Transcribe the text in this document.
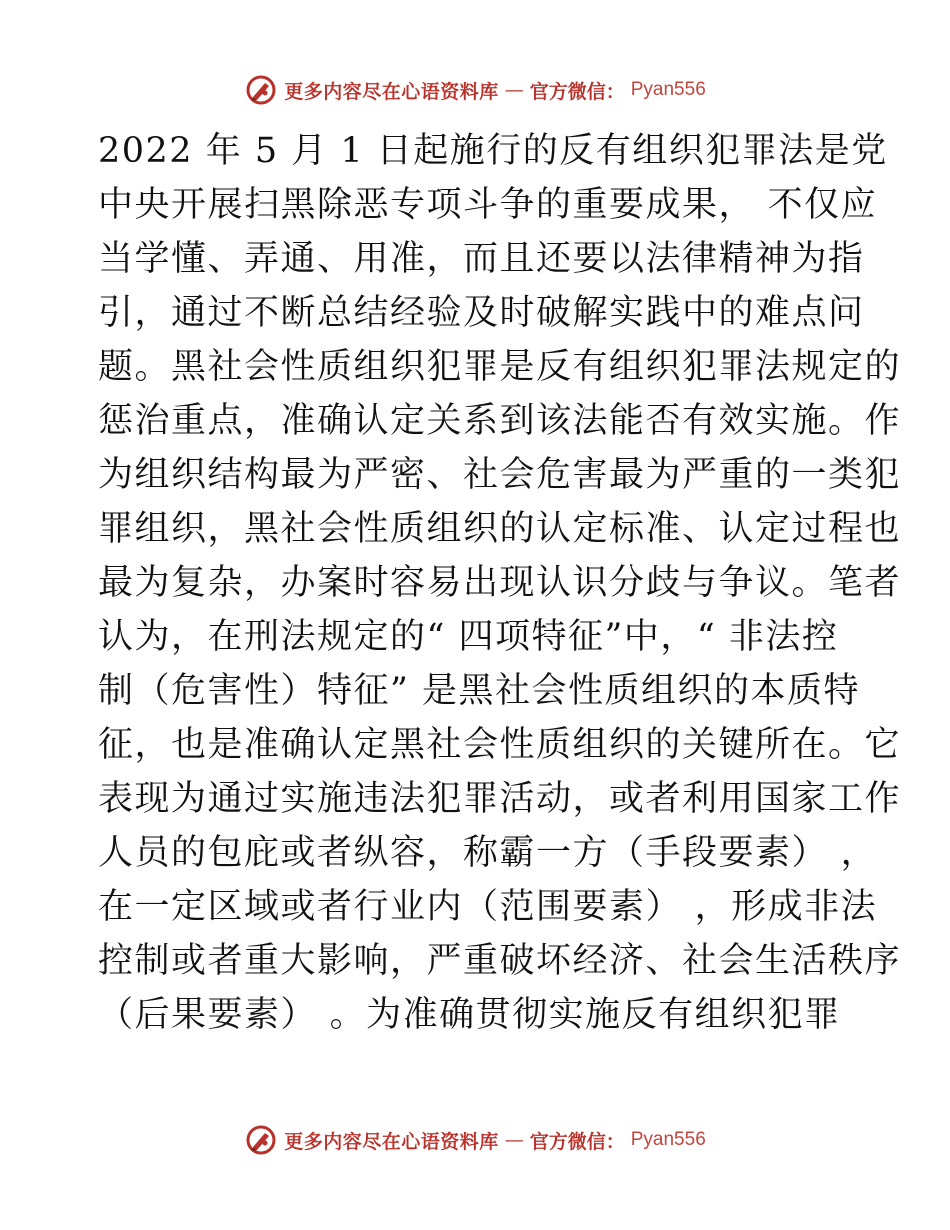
更多内容尽在心语资料库 — 官方微信： Pyan556
2022 年 5 月 1 日起施行的反有组织犯罪法是党
中央开展扫黑除恶专项斗争的重要成果， 不仅应
当学懂、弄通、用准，而且还要以法律精神为指
引，通过不断总结经验及时破解实践中的难点问
题。黑社会性质组织犯罪是反有组织犯罪法规定的
惩治重点，准确认定关系到该法能否有效实施。作
为组织结构最为严密、社会危害最为严重的一类犯
罪组织，黑社会性质组织的认定标准、认定过程也
最为复杂，办案时容易出现认识分歧与争议。笔者
认为，在刑法规定的“ 四项特征”中，“ 非法控
制（危害性）特征” 是黑社会性质组织的本质特
征，也是准确认定黑社会性质组织的关键所在。它
表现为通过实施违法犯罪活动，或者利用国家工作
人员的包庇或者纵容，称霸一方（手段要素） ，
在一定区域或者行业内（范围要素） ，形成非法
控制或者重大影响，严重破坏经济、社会生活秩序
（后果要素） 。为准确贯彻实施反有组织犯罪
更多内容尽在心语资料库 — 官方微信： Pyan556
